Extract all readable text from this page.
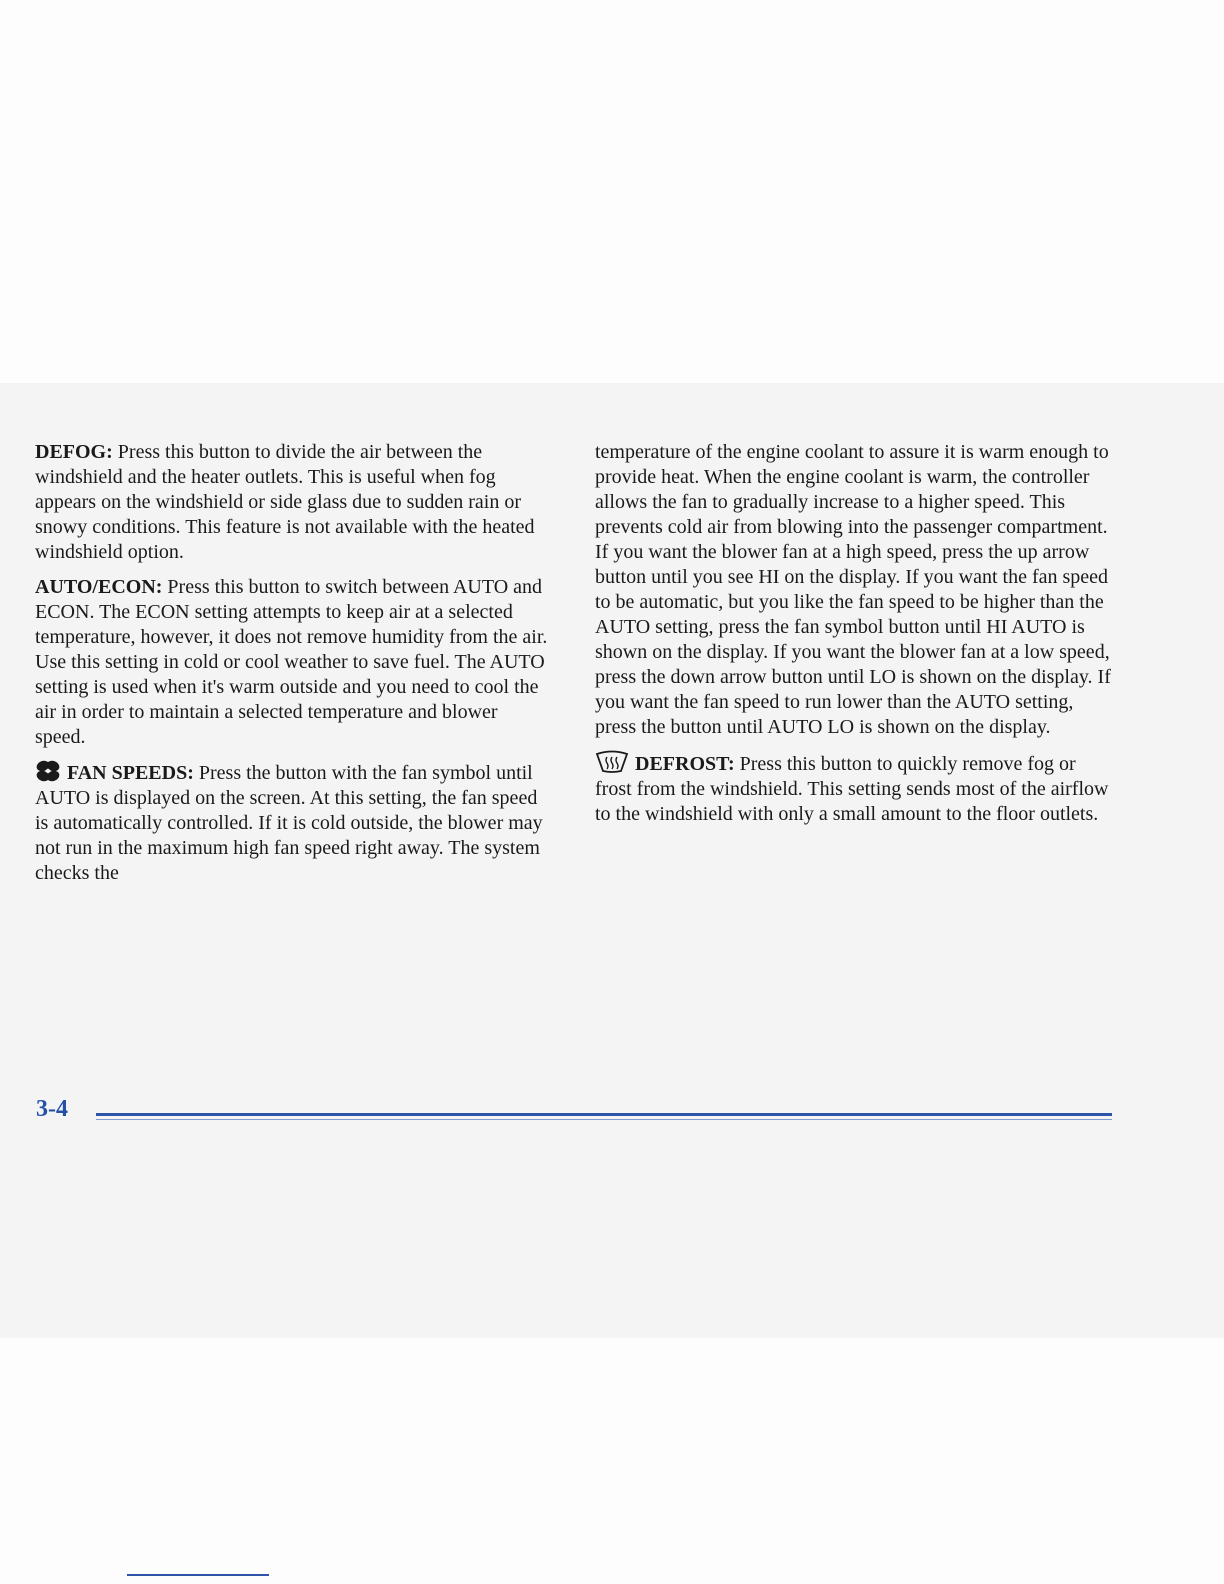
DEFOG: Press this button to divide the air between the windshield and the heater outlets. This is useful when fog appears on the windshield or side glass due to sudden rain or snowy conditions. This feature is not available with the heated windshield option.

AUTO/ECON: Press this button to switch between AUTO and ECON. The ECON setting attempts to keep air at a selected temperature, however, it does not remove humidity from the air. Use this setting in cold or cool weather to save fuel. The AUTO setting is used when it's warm outside and you need to cool the air in order to maintain a selected temperature and blower speed.

FAN SPEEDS: Press the button with the fan symbol until AUTO is displayed on the screen. At this setting, the fan speed is automatically controlled. If it is cold outside, the blower may not run in the maximum high fan speed right away. The system checks the

temperature of the engine coolant to assure it is warm enough to provide heat. When the engine coolant is warm, the controller allows the fan to gradually increase to a higher speed. This prevents cold air from blowing into the passenger compartment. If you want the blower fan at a high speed, press the up arrow button until you see HI on the display. If you want the fan speed to be automatic, but you like the fan speed to be higher than the AUTO setting, press the fan symbol button until HI AUTO is shown on the display. If you want the blower fan at a low speed, press the down arrow button until LO is shown on the display. If you want the fan speed to run lower than the AUTO setting, press the button until AUTO LO is shown on the display.

DEFROST: Press this button to quickly remove fog or frost from the windshield. This setting sends most of the airflow to the windshield with only a small amount to the floor outlets.

3-4
